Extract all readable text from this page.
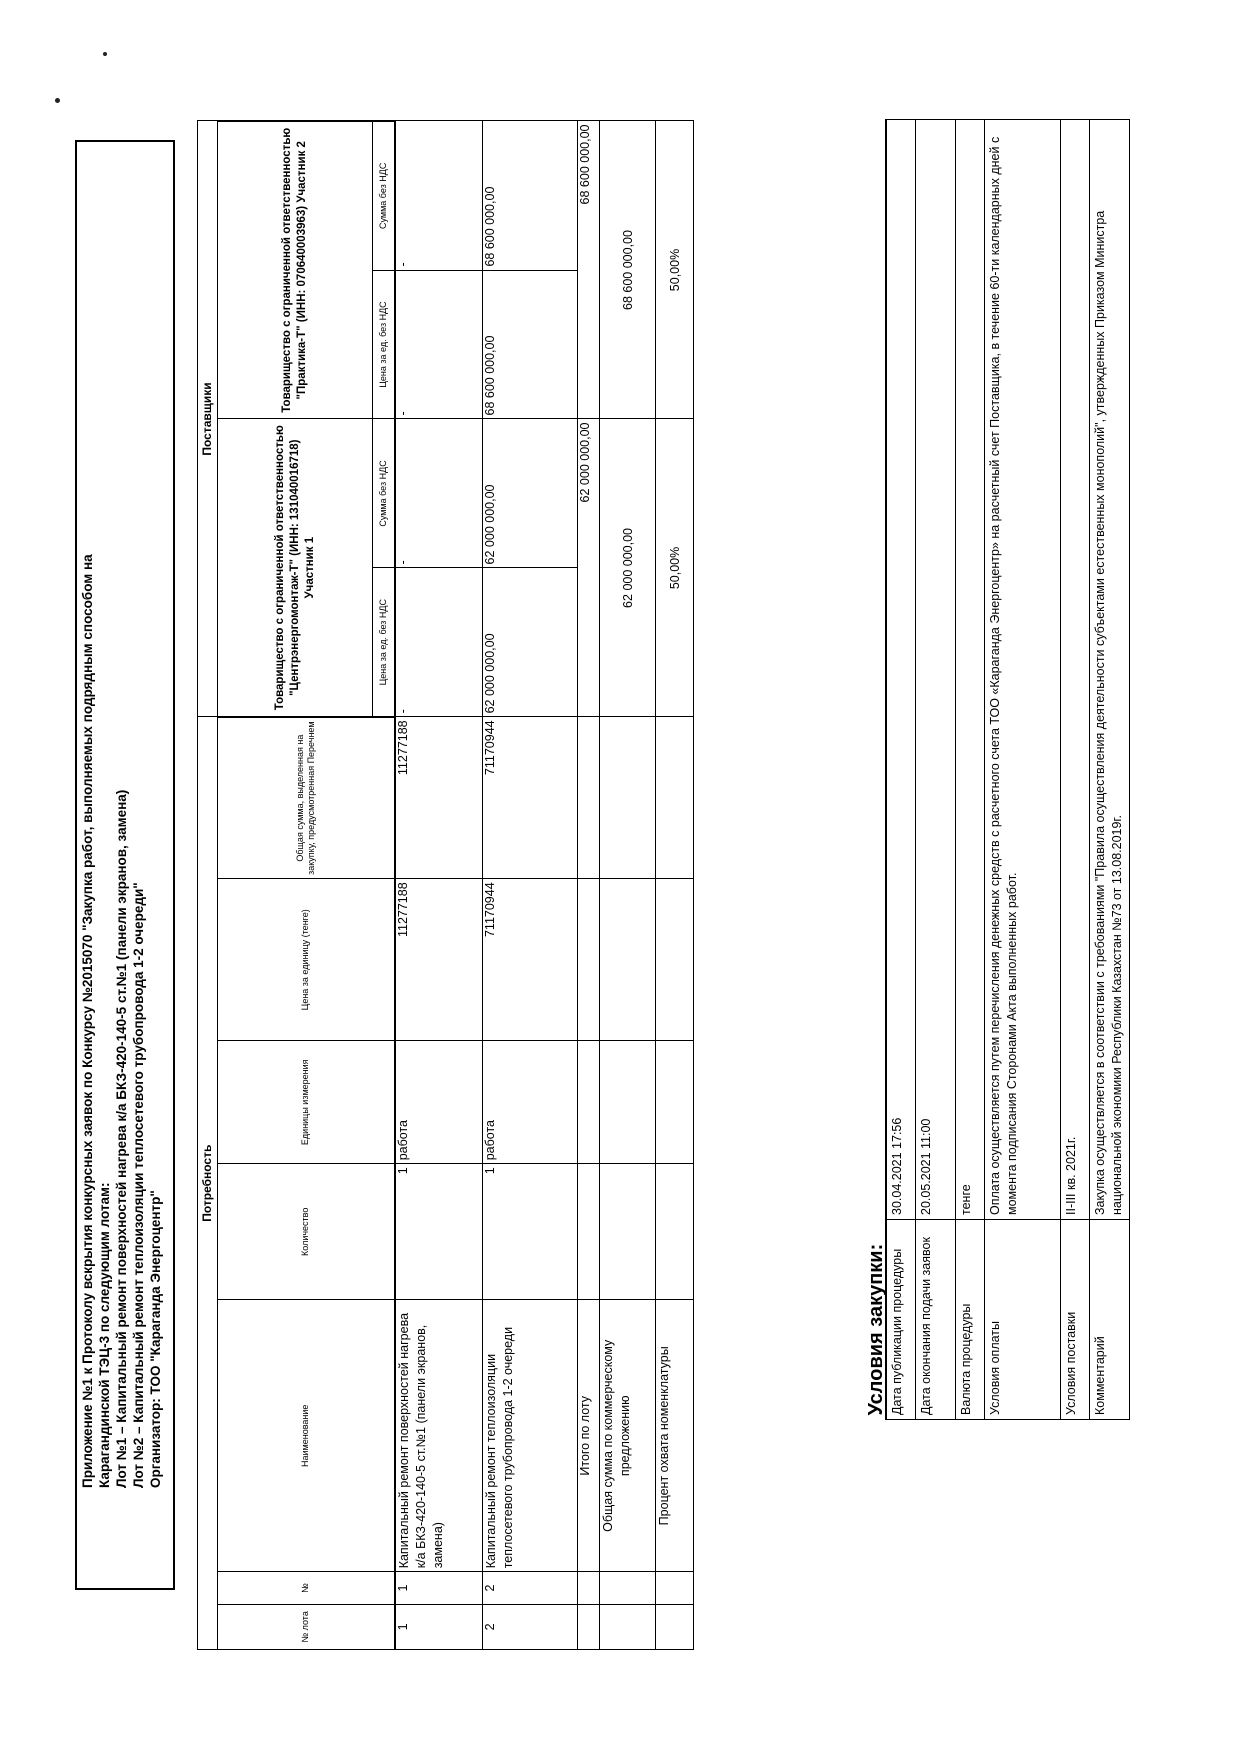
Приложение №1 к Протоколу вскрытия конкурсных заявок по Конкурсу №2015070 "Закупка работ, выполняемых подрядным способом на Карагандинской ТЭЦ-3 по следующим лотам: Лот №1 – Капитальный ремонт поверхностей нагрева к/а БКЗ-420-140-5 ст.№1 (панели экранов, замена) Лот №2 – Капитальный ремонт теплоизоляции теплосетевого трубопровода 1-2 очереди" Организатор: ТОО "Караганда Энергоцентр"
Потребность							Поставщики			
№ лота	№	Наименование	Количество	Единицы измерения	Цена за единицу (тенге)	Общая сумма, выделенная на закупку, предусмотренная Перечнем	Товарищество с ограниченной ответственностью "Центрэнергомонтаж-Т" (ИНН: 131040016718) Участник 1		Товарищество с ограниченной ответственностью "Практика-Т" (ИНН: 070640003963) Участник 2	
							Цена за ед. без НДС	Сумма без НДС	Цена за ед. без НДС	Сумма без НДС
1	1	Капитальный ремонт поверхностей нагрева к/а БКЗ-420-140-5 ст.№1 (панели экранов, замена)	1	работа	11277188	11277188	-	-	-	-
2	2	Капитальный ремонт теплоизоляции теплосетевого трубопровода 1-2 очереди	1	работа	71170944	71170944	62 000 000,00	62 000 000,00	68 600 000,00	68 600 000,00
		Итого по лоту					62 000 000,00		68 600 000,00	
		Общая сумма по коммерческому предложению					62 000 000,00		68 600 000,00	
		Процент охвата номенклатуры					50,00%		50,00%	
Условия закупки:	
Дата публикации процедуры	30.04.2021 17:56
Дата окончания подачи заявок	20.05.2021 11:00
Валюта процедуры	тенге
Условия оплаты	Оплата осуществляется путем перечисления денежных средств с расчетного счета ТОО «Караганда Энергоцентр» на расчетный счет Поставщика, в течение 60-ти календарных дней с момента подписания Сторонами Акта выполненных работ.
Условия поставки	II-III кв. 2021г.
Комментарий	Закупка осуществляется в соответствии с требованиями "Правила осуществления деятельности субъектами естественных монополий", утвержденных Приказом Министра национальной экономики Республики Казахстан №73 от 13.08.2019г.
